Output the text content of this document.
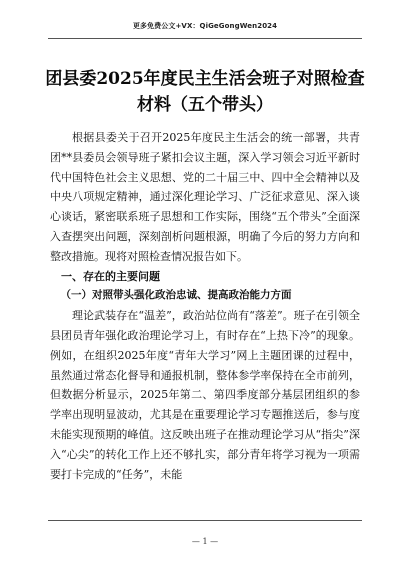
更多免费公文+VX：QiGeGongWen2024
团县委2025年度民主生活会班子对照检查材料（五个带头）

根据县委关于召开2025年度民主生活会的统一部署，共青团**县委员会领导班子紧扣会议主题，深入学习领会习近平新时代中国特色社会主义思想、党的二十届三中、四中全会精神以及中央八项规定精神，通过深化理论学习、广泛征求意见、深入谈心谈话，紧密联系班子思想和工作实际，围绕“五个带头”全面深入查摆突出问题，深刻剖析问题根源，明确了今后的努力方向和整改措施。现将对照检查情况报告如下。

一、存在的主要问题

（一）对照带头强化政治忠诚、提高政治能力方面

理论武装存在“温差”，政治站位尚有“落差”。班子在引领全县团员青年强化政治理论学习上，有时存在“上热下冷”的现象。例如，在组织2025年度“青年大学习”网上主题团课的过程中，虽然通过常态化督导和通报机制，整体参学率保持在全市前列，但数据分析显示，2025年第二、第四季度部分基层团组织的参学率出现明显波动，尤其是在重要理论学习专题推送后，参与度未能实现预期的峰值。这反映出班子在推动理论学习从“指尖”深入“心尖”的转化工作上还不够扎实，部分青年将学习视为一项需要打卡完成的“任务”，未能

— 1 —
